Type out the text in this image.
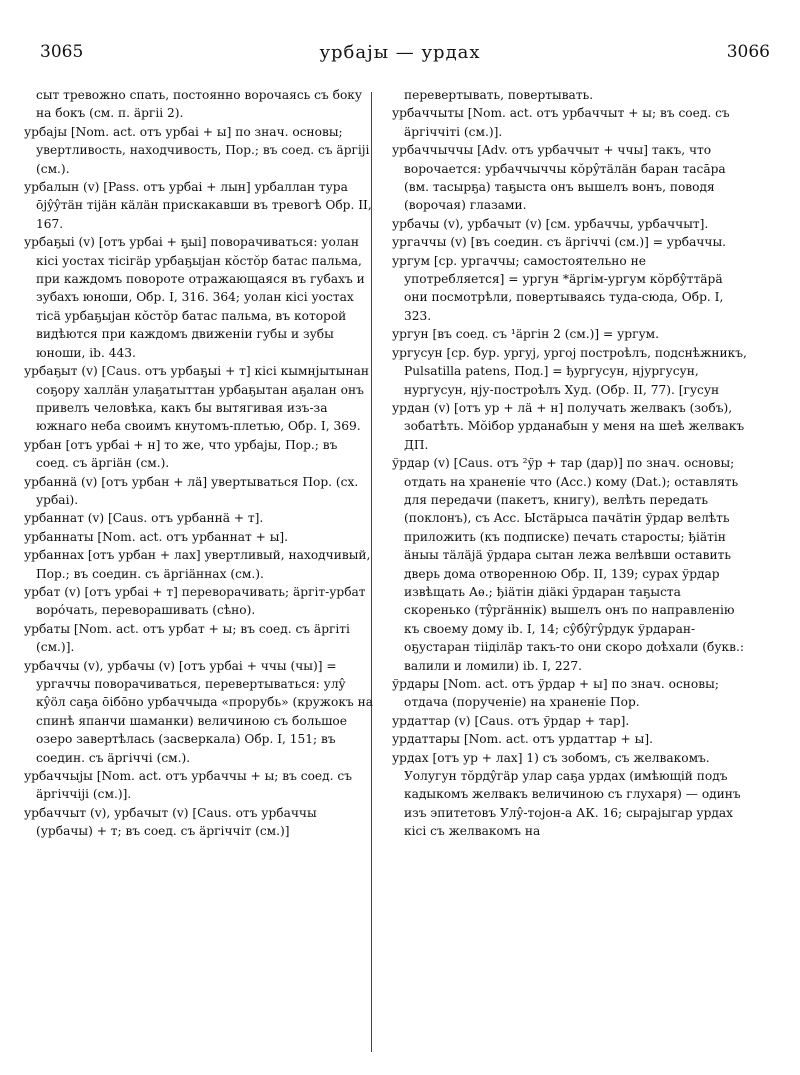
3065	урбајы — урдах	3066

сыт тревожно спать, постоянно ворочаясь съ боку на бокъ (см. п. äргii 2).

урбајы [Nom. act. отъ урбаі + ы] по знач. основы; увертливость, находчивость, Пор.; въ соед. съ äргiji (см.).

урбалын (v) [Pass. отъ урбаі + лын] урбаллан тура ōjŷŷтäн тiјäн кäлäн прискакавши въ тревогѣ Обр. II, 167.

урбаҕыі (v) [отъ урбаі + ҕыі] поворачиваться: уолан кiсi уостах тiсiгäр урбаҕыјан кŏстŏр батас пальма, при каждомъ повороте отражающаяся въ губахъ и зубахъ юноши, Обр. I, 316. 364; уолан кiсi уостах тiсä урбаҕыјан кŏстŏр батас пальма, въ которой видѣются при каждомъ движеніи губы и зубы юноши, ib. 443.

урбаҕыт (v) [Caus. отъ урбаҕыі + т] кiсi кымнјытынан соҕору халлäн улаҕатыттан урбаҕытан аҕалан онъ привелъ человѣка, какъ бы вытягивая изъ-за южнаго неба своимъ кнутомъ-плетью, Обр. I, 369.

урбан [отъ урбаі + н] то же, что урбајы, Пор.; въ соед. съ äргiäн (см.).

урбаннä (v) [отъ урбан + лä] увертываться Пор. (сх. урбаі).

урбаннат (v) [Caus. отъ урбаннä + т].

урбаннаты [Nom. act. отъ урбаннат + ы].

урбаннах [отъ урбан + лах] увертливый, находчивый, Пор.; въ соедин. съ äргiäннах (см.).

урбат (v) [отъ урбаі + т] переворачивать; äргiт-урбат ворóчать, переворашивать (сѣно).

урбаты [Nom. act. отъ урбат + ы; въ соед. съ äргiтi (см.)].

урбаччы (v), урбачы (v) [отъ урбаі + ччы (чы)] = ургаччы поворачиваться, перевертываться: улŷ кŷöл саҕа ōібōно урбаччыда «прорубь» (кружокъ на спинѣ япанчи шаманки) величиною съ большое озеро завертѣлась (засверкала) Обр. I, 151; въ соедин. съ äргiччi (см.).

урбаччыјы [Nom. act. отъ урбаччы + ы; въ соед. съ äргiччiјi (см.)].

урбаччыт (v), урбачыт (v) [Caus. отъ урбаччы (урбачы) + т; въ соед. съ äргiччiт (см.)]

перевертывать, повертывать.

урбаччыты [Nom. act. отъ урбаччыт + ы; въ соед. съ äргiччiтi (см.)].

урбаччыччы [Adv. отъ урбаччыт + ччы] такъ, что ворочается: урбаччыччы кŏрŷтäлäн баран тасāра (вм. тасырҕа) таҕыста онъ вышелъ вонъ, поводя (ворочая) глазами.

урбачы (v), урбачыт (v) [см. урбаччы, урбаччыт].

ургаччы (v) [въ соедин. съ äргiччi (см.)] = урбаччы.

ургум [ср. ургаччы; самостоятельно не употребляется] = ургун *äргiм-ургум кŏрбŷттäрä они посмотрѣли, повертываясь туда-сюда, Обр. I, 323.

ургун [въ соед. съ ¹äргiн 2 (см.)] = ургум.

ургусун [ср. бур. ургуј, ургој построѣлъ, подснѣжникъ, Pulsatilla patens, Под.] = ђургусун, нјургусун, нургусун, нју-построѣлъ Худ. (Обр. II, 77). [гусун

урдан (v) [отъ ур + лä + н] получать желвакъ (зобъ), зобатѣть. Мŏібор урданабын у меня на шеѣ желвакъ ДП.

ўрдар (v) [Caus. отъ ²ўр + тар (дар)] по знач. основы; отдать на храненіе что (Acc.) кому (Dat.); оставлять для передачи (пакетъ, книгу), велѣть передать (поклонъ), съ Acc. Ыстäрыса пачäтiн ўрдар велѣть приложить (къ подписке) печать старосты; ђiäтiн äныы тäлäјä ўрдара сытан лежа велѣвши оставить дверь дома отворенною Обр. II, 139; сурах ўрдар извѣщать Аѳ.; ђiäтiн дiäкi ўрдаран таҕыста скоренько (тŷргäннiк) вышелъ онъ по направленію къ своему дому ib. I, 14; сŷбŷгŷрдук ўрдаран-оҕустаран тiiдiлäр такъ-то они скоро доѣхали (букв.: валили и ломили) ib. I, 227.

ўрдары [Nom. act. отъ ўрдар + ы] по знач. основы; отдача (порученіе) на храненіе Пор.

урдаттар (v) [Caus. отъ ўрдар + тар].

урдаттары [Nom. act. отъ урдаттар + ы].

урдах [отъ ур + лах] 1) съ зобомъ, съ желвакомъ. Уолугун тŏрдŷгäр улар саҕа урдах (имѣющій подъ кадыкомъ желвакъ величиною съ глухаря) — одинъ изъ эпитетовъ Улŷ-тојон-а АК. 16; сырајыгар урдах кiсi съ желвакомъ на
